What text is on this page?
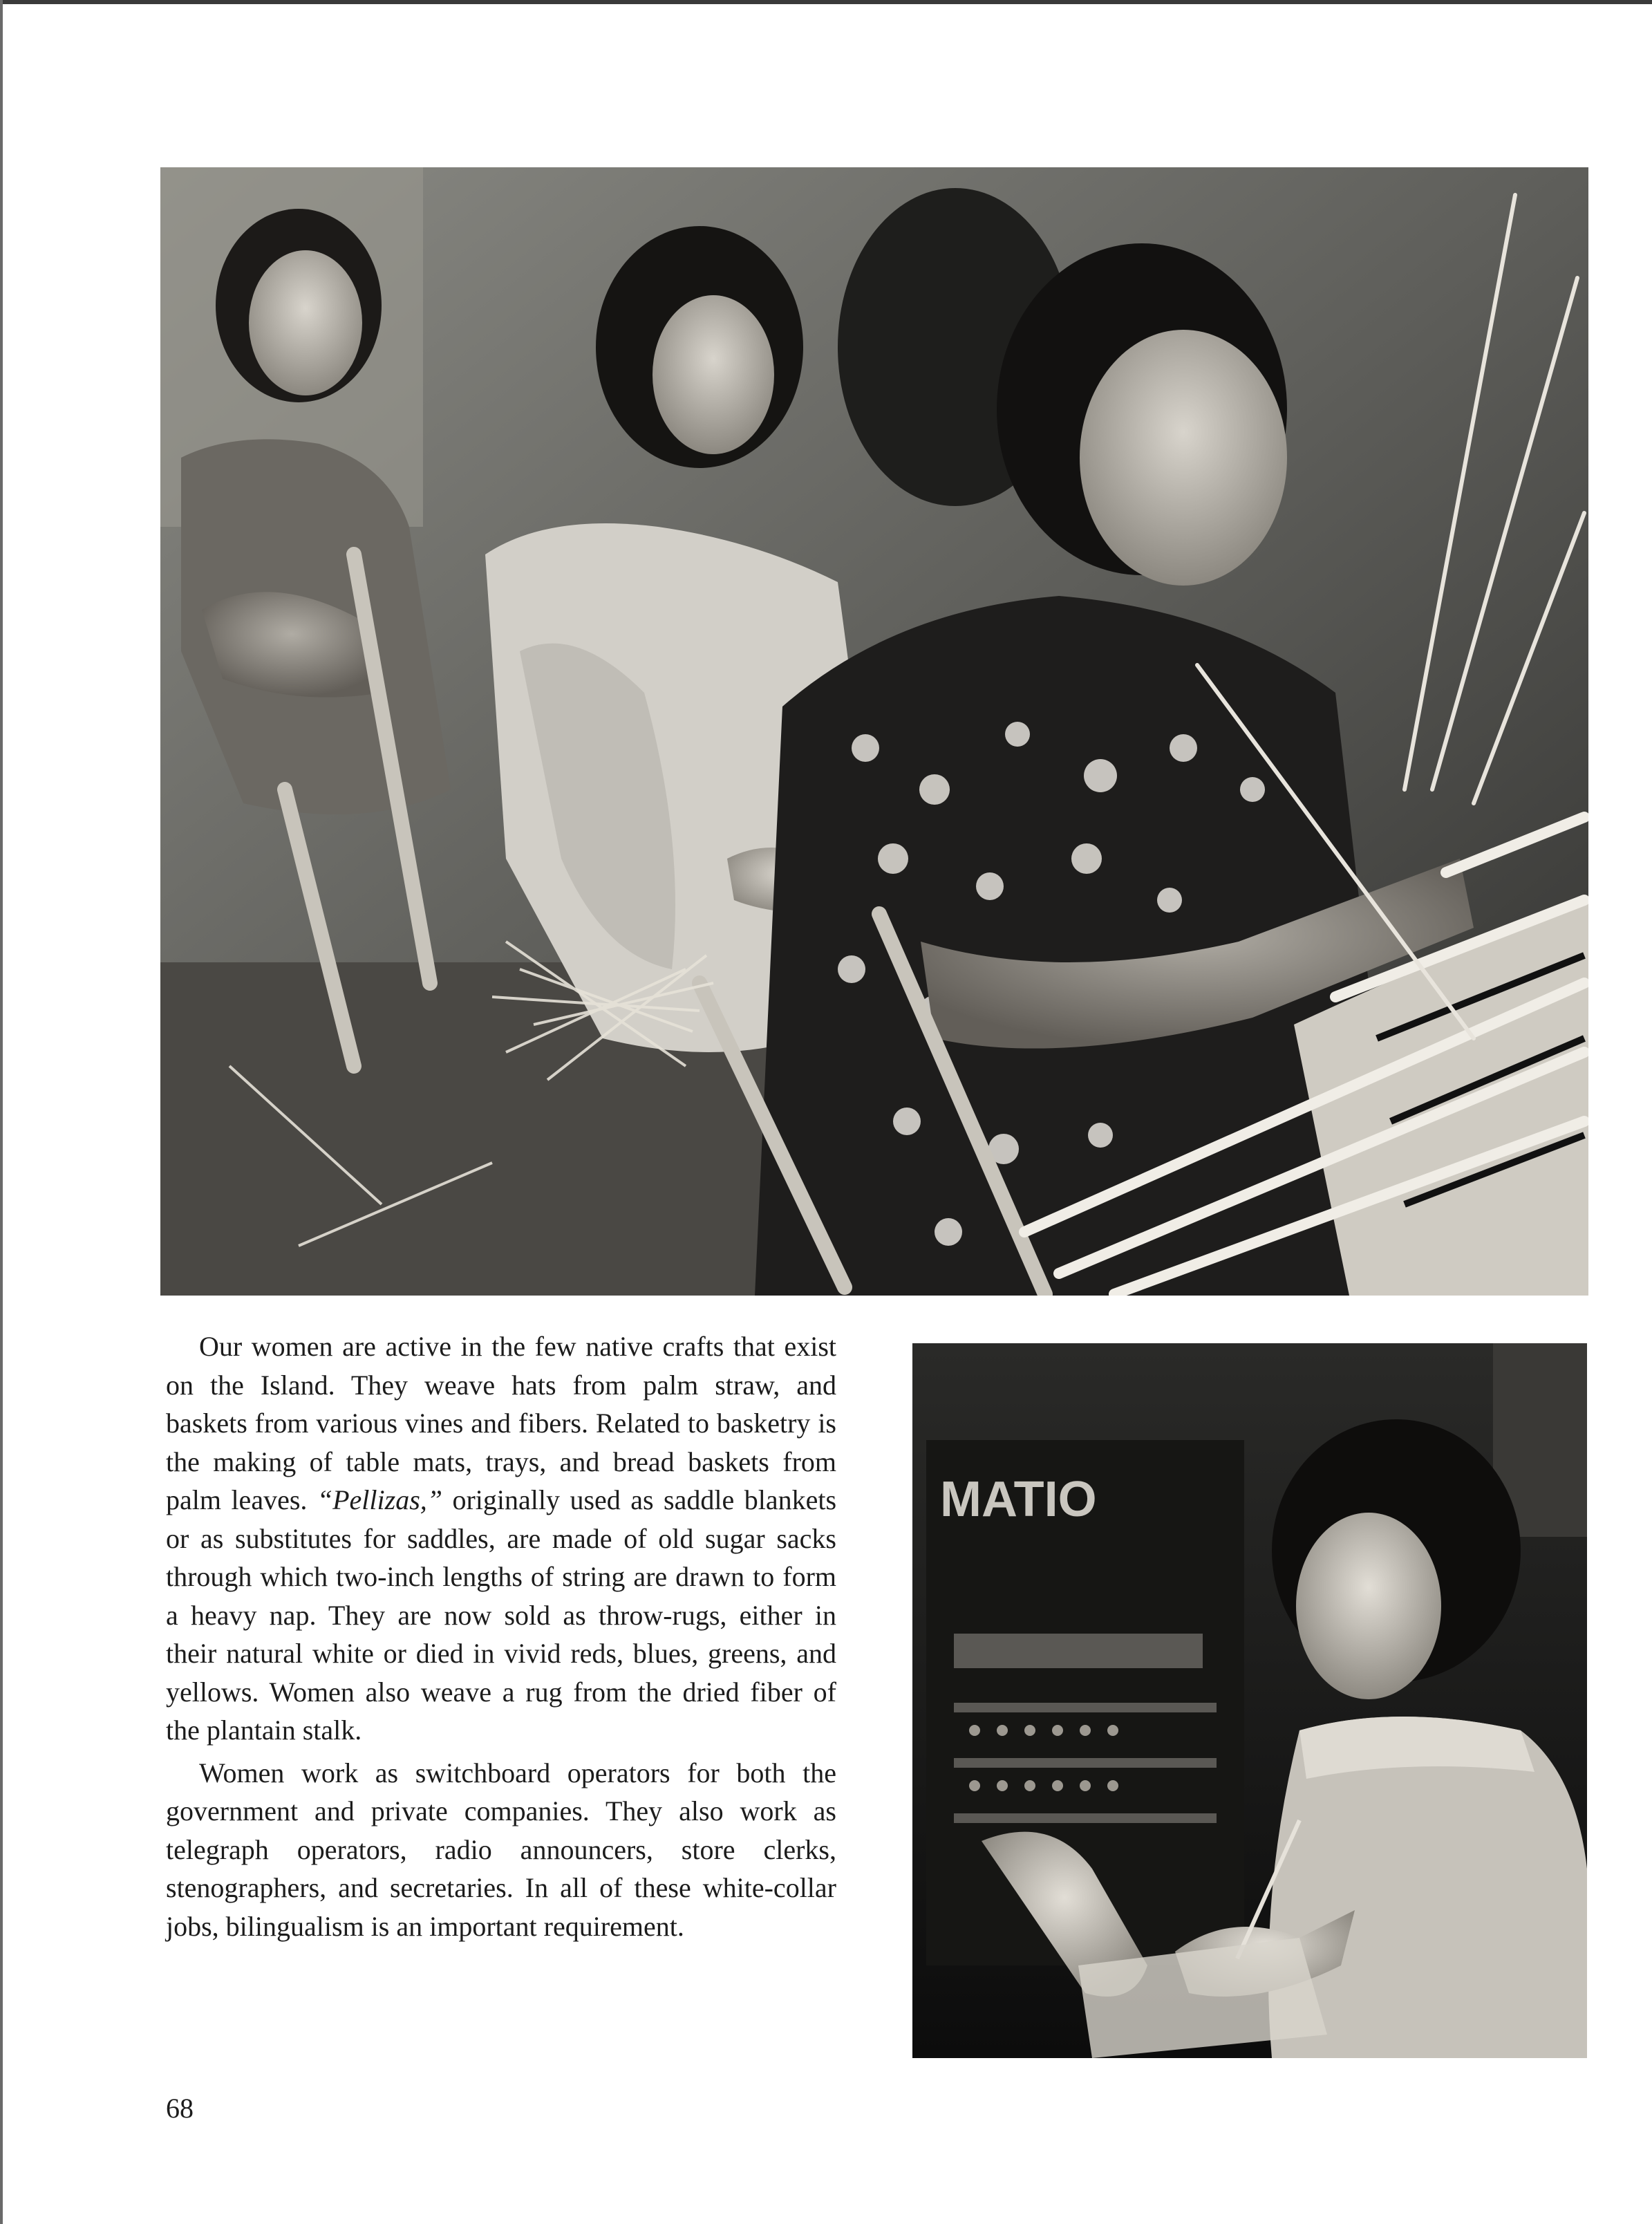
Our women are active in the few native crafts that exist on the Island. They weave hats from palm straw, and baskets from various vines and fibers. Related to basketry is the making of table mats, trays, and bread baskets from palm leaves. “Pellizas,” originally used as saddle blankets or as substitutes for saddles, are made of old sugar sacks through which two-inch lengths of string are drawn to form a heavy nap. They are now sold as throw-rugs, either in their natural white or died in vivid reds, blues, greens, and yellows. Women also weave a rug from the dried fiber of the plantain stalk.

Women work as switchboard operators for both the government and private companies. They also work as telegraph operators, radio announcers, store clerks, stenographers, and secretaries. In all of these white-collar jobs, bilingualism is an important requirement.

MATIO
68
